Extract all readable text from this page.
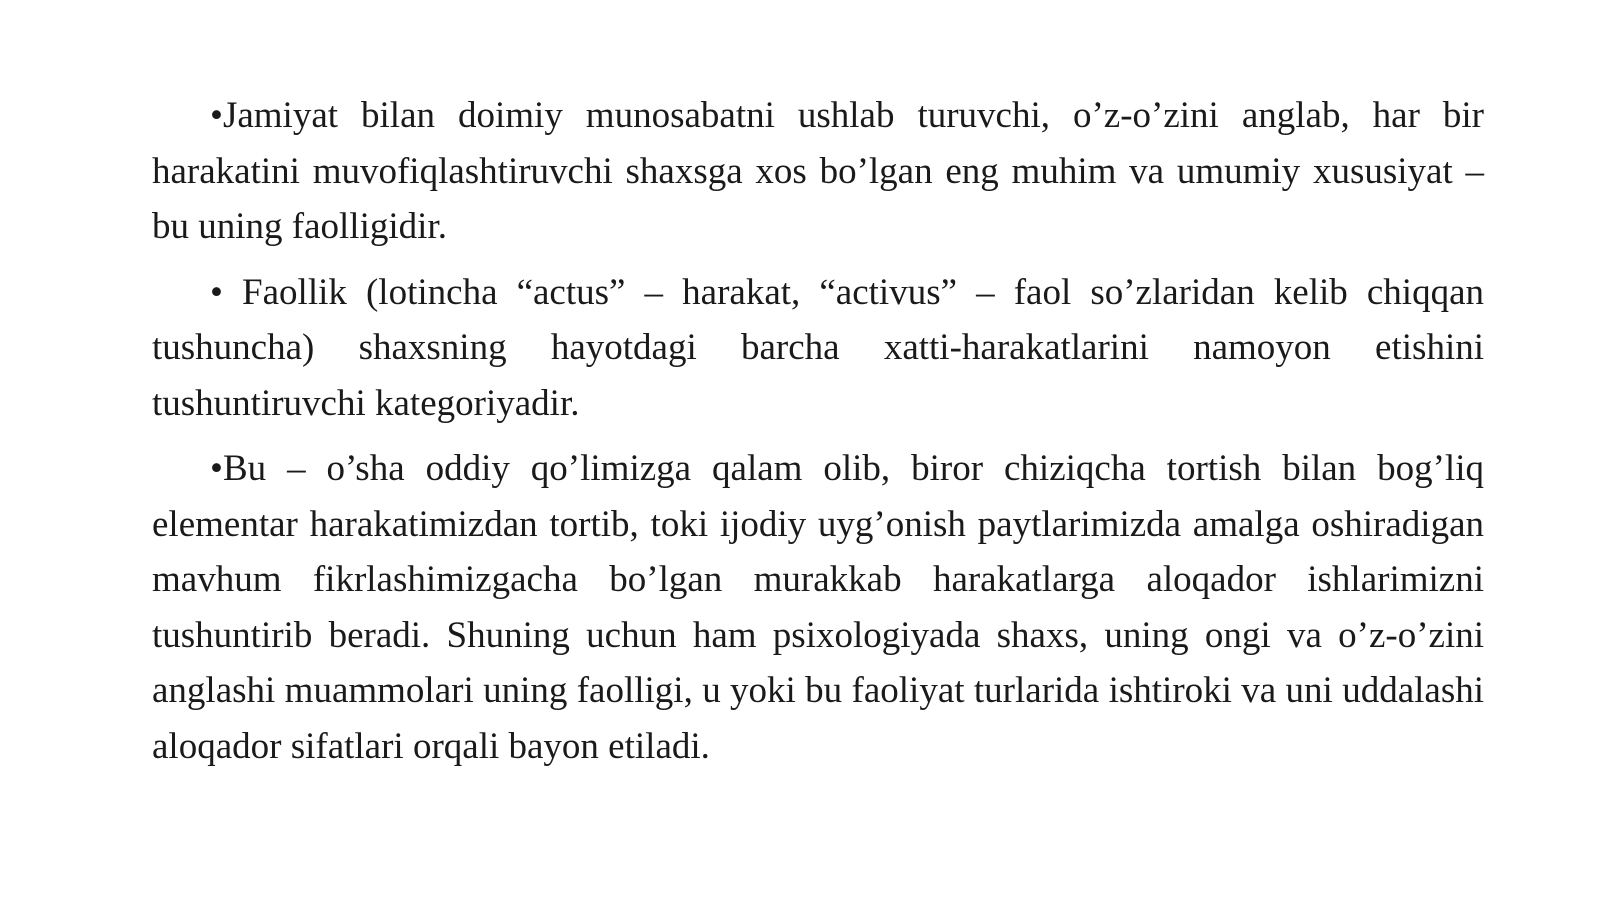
•Jamiyat bilan doimiy munosabatni ushlab turuvchi, o’z-o’zini anglab, har bir harakatini muvofiqlashtiruvchi shaxsga xos bo’lgan eng muhim va umumiy xususiyat – bu uning faolligidir.

• Faollik (lotincha “actus” – harakat, “activus” – faol so’zlaridan kelib chiqqan tushuncha) shaxsning hayotdagi barcha xatti-harakatlarini namoyon etishini tushuntiruvchi kategoriyadir.

•Bu – o’sha oddiy qo’limizga qalam olib, biror chiziqcha tortish bilan bog’liq elementar harakatimizdan tortib, toki ijodiy uyg’onish paytlarimizda amalga oshiradigan mavhum fikrlashimizgacha bo’lgan murakkab harakatlarga aloqador ishlarimizni tushuntirib beradi. Shuning uchun ham psixologiyada shaxs, uning ongi va o’z-o’zini anglashi muammolari uning faolligi, u yoki bu faoliyat turlarida ishtiroki va uni uddalashi aloqador sifatlari orqali bayon etiladi.
